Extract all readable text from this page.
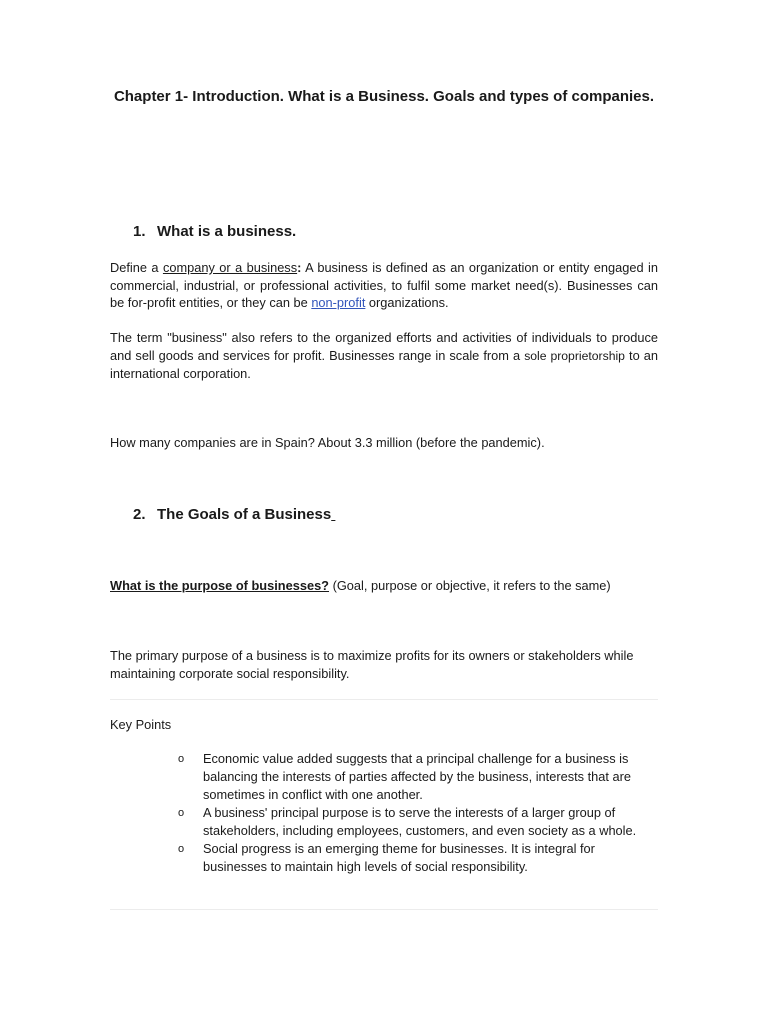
Chapter 1- Introduction. What is a Business. Goals and types of companies.
1. What is a business.
Define a company or a business: A business is defined as an organization or entity engaged in commercial, industrial, or professional activities, to fulfil some market need(s). Businesses can be for-profit entities, or they can be non-profit organizations.
The term "business" also refers to the organized efforts and activities of individuals to produce and sell goods and services for profit. Businesses range in scale from a sole proprietorship to an international corporation.
How many companies are in Spain? About 3.3 million (before the pandemic).
2. The Goals of a Business
What is the purpose of businesses? (Goal, purpose or objective, it refers to the same)
The primary purpose of a business is to maximize profits for its owners or stakeholders while maintaining corporate social responsibility.
Key Points
o Economic value added suggests that a principal challenge for a business is balancing the interests of parties affected by the business, interests that are sometimes in conflict with one another.
o A business' principal purpose is to serve the interests of a larger group of stakeholders, including employees, customers, and even society as a whole.
o Social progress is an emerging theme for businesses. It is integral for businesses to maintain high levels of social responsibility.
